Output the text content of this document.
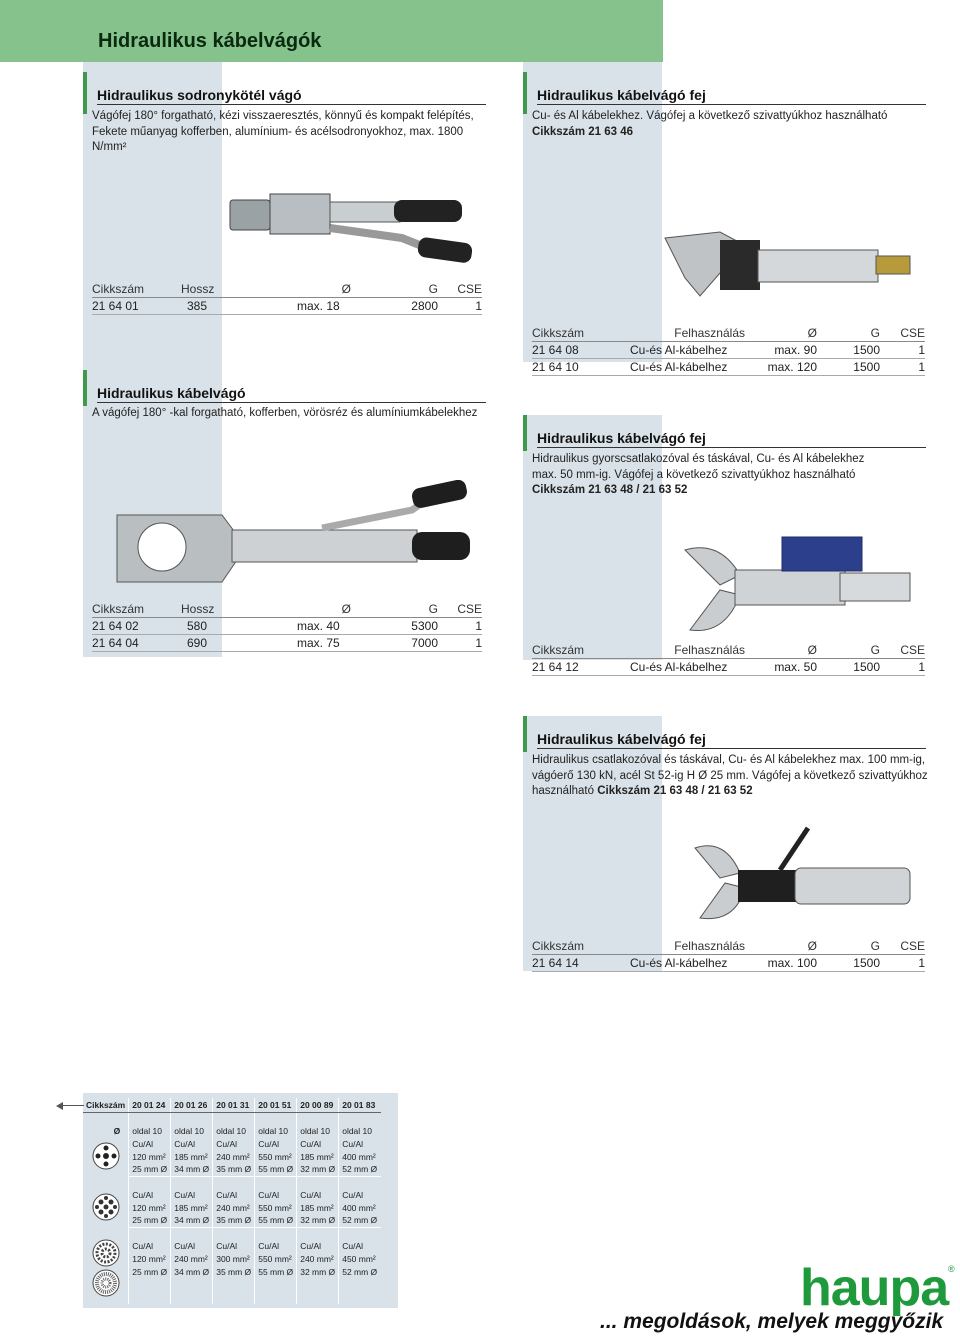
Hidraulikus kábelvágók
Hidraulikus sodronykötél vágó
Vágófej 180° forgatható, kézi visszaeresztés, könnyű és kompakt felépítés,
Fekete műanyag kofferben, alumínium- és acélsodronyokhoz, max. 1800 N/mm²
Cikkszám	Hossz	Ø	G	CSE
21 64 01	385	max. 18	2800	1
Hidraulikus kábelvágó fej
Cu- és Al kábelekhez. Vágófej a következő szivattyúkhoz használható
Cikkszám 21 63 46
Cikkszám	Felhasználás	Ø	G	CSE
21 64 08	Cu-és Al-kábelhez	max. 90	1500	1
21 64 10	Cu-és Al-kábelhez	max. 120	1500	1
Hidraulikus kábelvágó
A vágófej 180° -kal forgatható, kofferben, vörösréz és alumíniumkábelekhez
Cikkszám	Hossz	Ø	G	CSE
21 64 02	580	max. 40	5300	1
21 64 04	690	max. 75	7000	1
Hidraulikus kábelvágó fej
Hidraulikus gyorscsatlakozóval és táskával, Cu- és Al kábelekhez
max. 50 mm-ig. Vágófej a következő szivattyúkhoz használható
Cikkszám 21 63 48 / 21 63 52
Cikkszám	Felhasználás	Ø	G	CSE
21 64 12	Cu-és Al-kábelhez	max. 50	1500	1
Hidraulikus kábelvágó fej
Hidraulikus csatlakozóval és táskával, Cu- és Al kábelekhez max. 100 mm-ig,
vágóerő 130 kN, acél St 52-ig H Ø 25 mm. Vágófej a következő szivattyúkhoz
használható Cikkszám 21 63 48 / 21 63 52
Cikkszám	Felhasználás	Ø	G	CSE
21 64 14	Cu-és Al-kábelhez	max. 100	1500	1
Cikkszám	20 01 24	20 01 26	20 01 31	20 01 51	20 00 89	20 01 83

Ø	oldal 10	oldal 10	oldal 10	oldal 10	oldal 10	oldal 10
	Cu/Al	Cu/Al	Cu/Al	Cu/Al	Cu/Al	Cu/Al
	120 mm²	185 mm²	240 mm²	550 mm²	185 mm²	400 mm²
	25 mm Ø	34 mm Ø	35 mm Ø	55 mm Ø	32 mm Ø	52 mm Ø

	Cu/Al	Cu/Al	Cu/Al	Cu/Al	Cu/Al	Cu/Al
	120 mm²	185 mm²	240 mm²	550 mm²	185 mm²	400 mm²
	25 mm Ø	34 mm Ø	35 mm Ø	55 mm Ø	32 mm Ø	52 mm Ø

	Cu/Al	Cu/Al	Cu/Al	Cu/Al	Cu/Al	Cu/Al
	120 mm²	240 mm²	300 mm²	550 mm²	240 mm²	450 mm²
	25 mm Ø	34 mm Ø	35 mm Ø	55 mm Ø	32 mm Ø	52 mm Ø
						haupa ®
... megoldások, melyek meggyőzik
